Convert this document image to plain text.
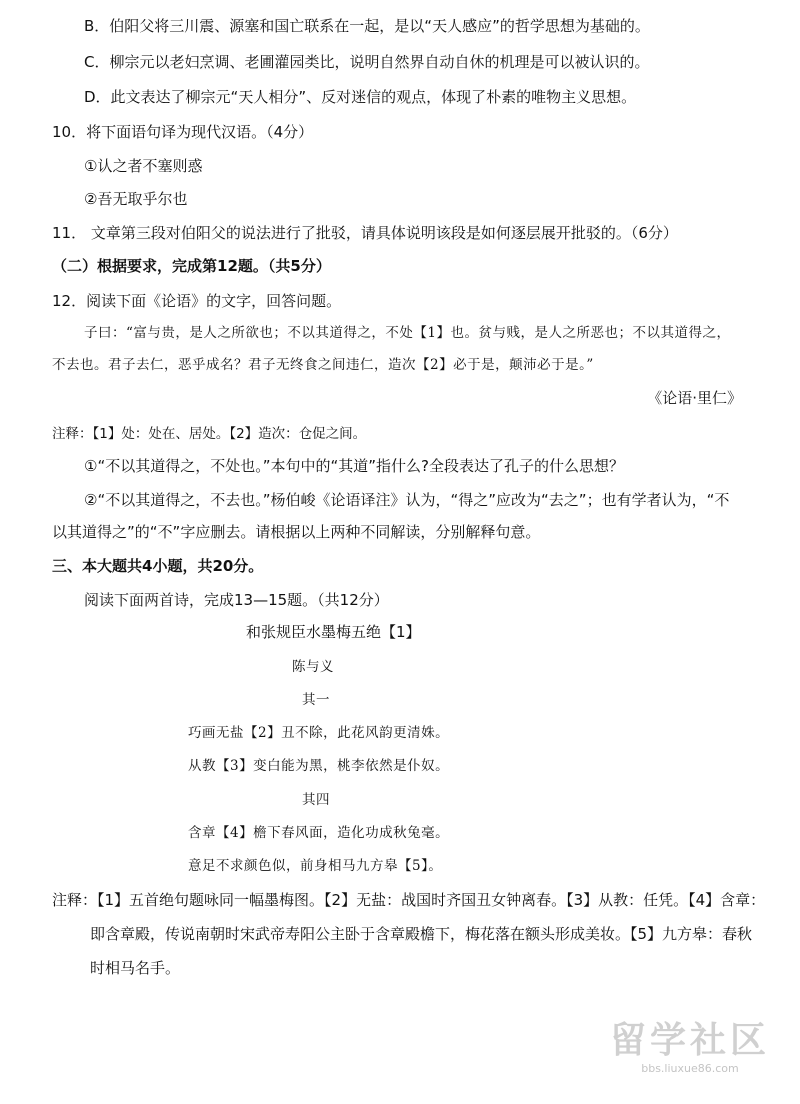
B．伯阳父将三川震、源塞和国亡联系在一起，是以“天人感应”的哲学思想为基础的。
C．柳宗元以老妇烹调、老圃灌园类比，说明自然界自动自休的机理是可以被认识的。
D．此文表达了柳宗元“天人相分”、反对迷信的观点，体现了朴素的唯物主义思想。
10．将下面语句译为现代汉语。（4分）
①认之者不塞则惑
②吾无取乎尔也
11． 文章第三段对伯阳父的说法进行了批驳，请具体说明该段是如何逐层展开批驳的。（6分）
（二）根据要求，完成第12题。（共5分）
12．阅读下面《论语》的文字，回答问题。
子曰：“富与贵，是人之所欲也；不以其道得之，不处【1】也。贫与贱，是人之所恶也；不以其道得之，
不去也。君子去仁，恶乎成名？君子无终食之间违仁，造次【2】必于是，颠沛必于是。”
《论语·里仁》
注释：【1】处：处在、居处。【2】造次：仓促之间。
①“不以其道得之，不处也。”本句中的“其道”指什么?全段表达了孔子的什么思想？
②“不以其道得之，不去也。”杨伯峻《论语译注》认为，“得之”应改为“去之”；也有学者认为，“不
以其道得之”的“不”字应删去。请根据以上两种不同解读，分别解释句意。
三、本大题共4小题，共20分。
阅读下面两首诗，完成13—15题。（共12分）
和张规臣水墨梅五绝【1】
陈与义
其一
巧画无盐【2】丑不除，此花风韵更清姝。
从教【3】变白能为黑，桃李依然是仆奴。
其四
含章【4】檐下春风面，造化功成秋兔毫。
意足不求颜色似，前身相马九方皋【5】。
注释：【1】五首绝句题咏同一幅墨梅图。【2】无盐：战国时齐国丑女钟离春。【3】从教：任凭。【4】含章：
即含章殿，传说南朝时宋武帝寿阳公主卧于含章殿檐下，梅花落在额头形成美妆。【5】九方皋：春秋
时相马名手。
留学社区
bbs.liuxue86.com
